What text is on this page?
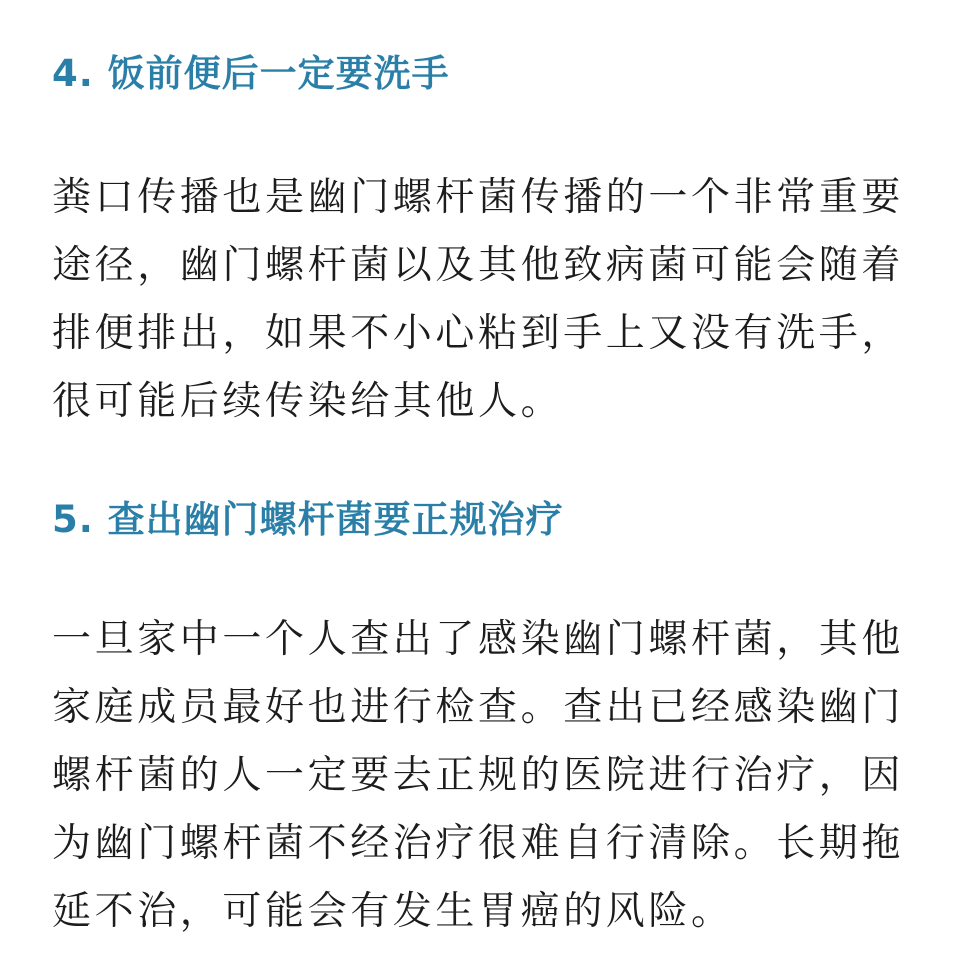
4. 饭前便后一定要洗手

粪口传播也是幽门螺杆菌传播的一个非常重要
途径，幽门螺杆菌以及其他致病菌可能会随着
排便排出，如果不小心粘到手上又没有洗手，
很可能后续传染给其他人。

5. 查出幽门螺杆菌要正规治疗

一旦家中一个人查出了感染幽门螺杆菌，其他
家庭成员最好也进行检查。查出已经感染幽门
螺杆菌的人一定要去正规的医院进行治疗，因
为幽门螺杆菌不经治疗很难自行清除。长期拖
延不治，可能会有发生胃癌的风险。
